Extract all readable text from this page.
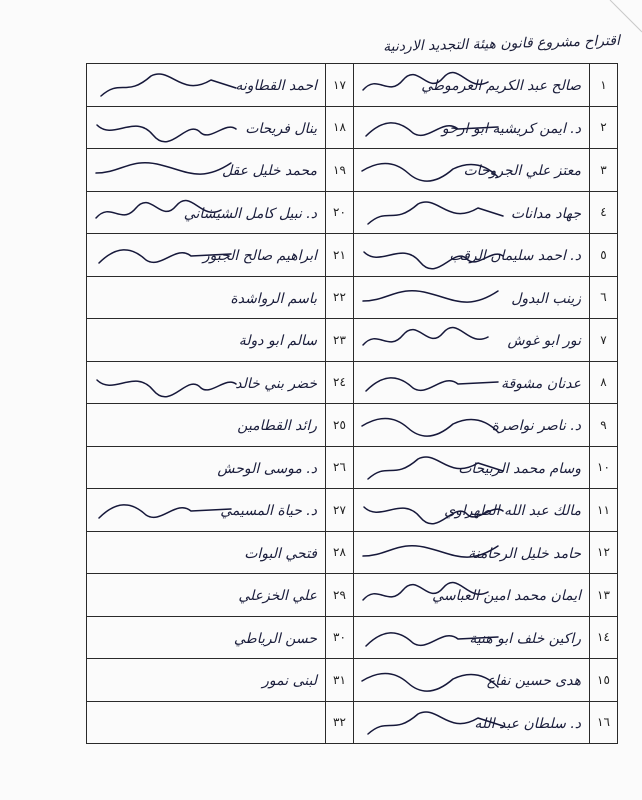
اقتراح مشروع قانون هيئة التجديد الاردنية
١	صالح عبد الكريم العرموطي	١٧	احمد القطاونه

٢	د. ايمن كريشيه ابو ارحو	١٨	ينال فريحات

٣	معتز علي الجروحات	١٩	محمد خليل عقل

٤	جهاد مدانات	٢٠	د. نبيل كامل الشيشاني

٥	د. احمد سليمان الرقب	٢١	ابراهيم صالح الجبور

٦	زينب البدول	٢٢	باسم الرواشدة
٧	نور ابو غوش	٢٣	سالم ابو دولة
٨	عدنان مشوقة	٢٤	خضر بني خالد

٩	د. ناصر نواصرة	٢٥	رائد القطامين
١٠	وسام محمد الربيحات	٢٦	د. موسى الوحش
١١	مالك عبد الله الطهراوي	٢٧	د. حياة المسيمي

١٢	حامد خليل الرحامنة	٢٨	فتحي البوات
١٣	ايمان محمد امين العباسي	٢٩	علي الخزعلي
١٤	راكين خلف ابو هنية	٣٠	حسن الرياطي
١٥	هدى حسين نفاع	٣١	لبنى نمور
١٦	د. سلطان عبد الله	٣٢	
